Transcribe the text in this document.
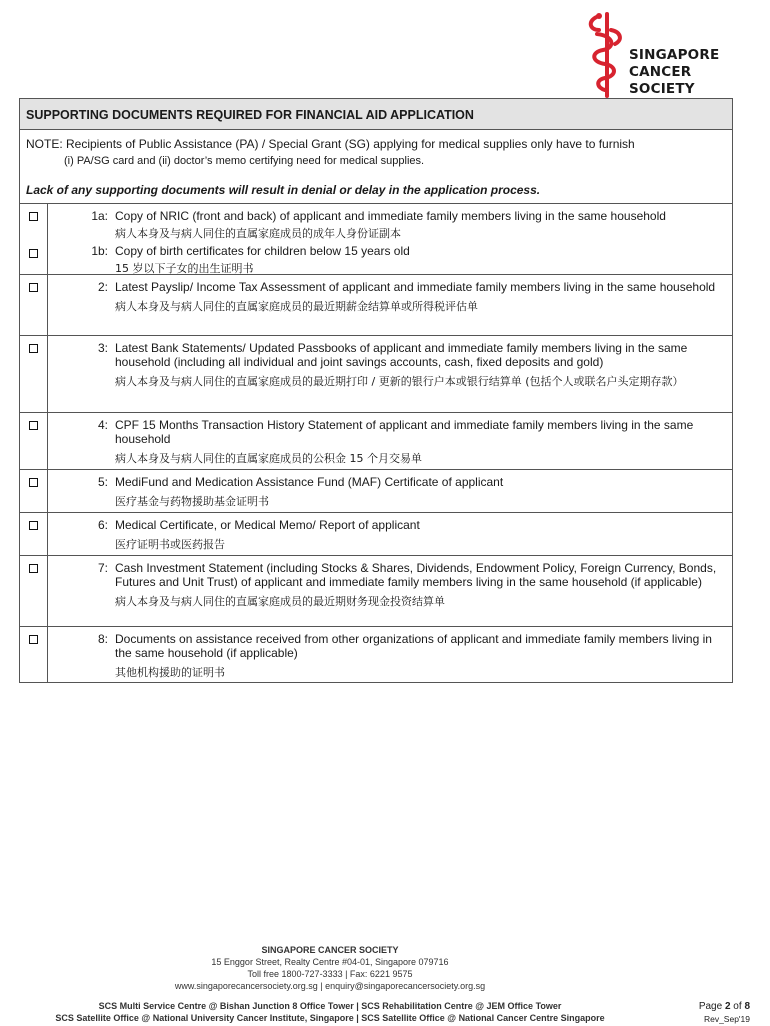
SINGAPORE
CANCER
SOCIETY
SUPPORTING DOCUMENTS REQUIRED FOR FINANCIAL AID APPLICATION
NOTE: Recipients of Public Assistance (PA) / Special Grant (SG) applying for medical supplies only have to furnish
(i) PA/SG card and (ii) doctor’s memo certifying need for medical supplies.
Lack of any supporting documents will result in denial or delay in the application process.
1a: Copy of NRIC (front and back) of applicant and immediate family members living in the same household
病人本身及与病人同住的直属家庭成员的成年人身份证副本
1b: Copy of birth certificates for children below 15 years old
15 岁以下子女的出生证明书
2: Latest Payslip/ Income Tax Assessment of applicant and immediate family members living in the same household
病人本身及与病人同住的直属家庭成员的最近期薪金结算单或所得税评估单
3: Latest Bank Statements/ Updated Passbooks of applicant and immediate family members living in the same household (including all individual and joint savings accounts, cash, fixed deposits and gold)
病人本身及与病人同住的直属家庭成员的最近期打印 / 更新的银行户本或银行结算单 (包括个人或联名户头定期存款）
4: CPF 15 Months Transaction History Statement of applicant and immediate family members living in the same household
病人本身及与病人同住的直属家庭成员的公积金 15 个月交易单
5: MediFund and Medication Assistance Fund (MAF) Certificate of applicant
医疗基金与药物援助基金证明书
6: Medical Certificate, or Medical Memo/ Report of applicant
医疗证明书或医药报告
7: Cash Investment Statement (including Stocks & Shares, Dividends, Endowment Policy, Foreign Currency, Bonds, Futures and Unit Trust) of applicant and immediate family members living in the same household (if applicable)
病人本身及与病人同住的直属家庭成员的最近期财务现金投资结算单
8: Documents on assistance received from other organizations of applicant and immediate family members living in the same household (if applicable)
其他机构援助的证明书
SINGAPORE CANCER SOCIETY
15 Enggor Street, Realty Centre #04-01, Singapore 079716
Toll free 1800-727-3333 | Fax: 6221 9575
www.singaporecancersociety.org.sg | enquiry@singaporecancersociety.org.sg
SCS Multi Service Centre @ Bishan Junction 8 Office Tower | SCS Rehabilitation Centre @ JEM Office Tower
SCS Satellite Office @ National University Cancer Institute, Singapore | SCS Satellite Office @ National Cancer Centre Singapore
Page 2 of 8
Rev_Sep'19
